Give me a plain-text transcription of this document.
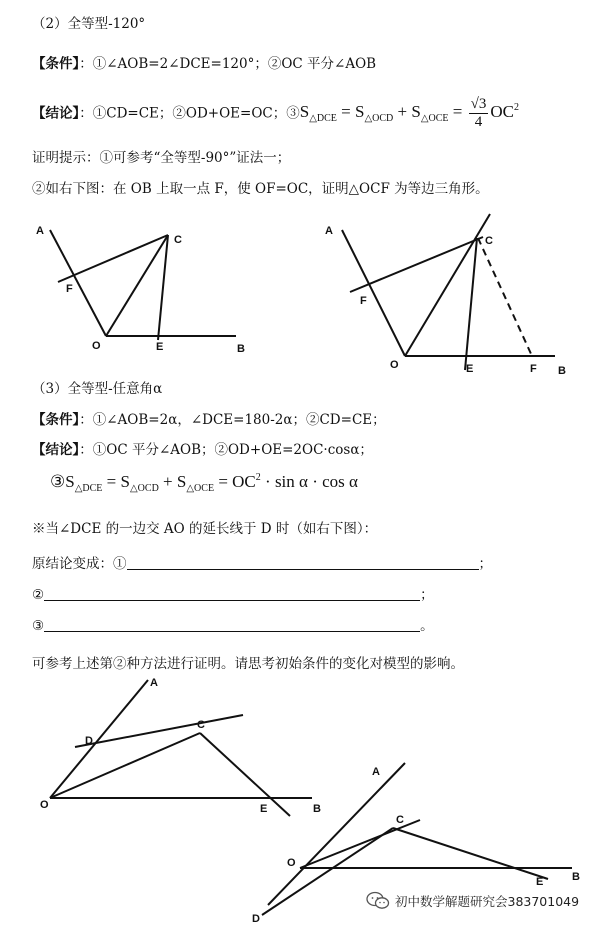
（2）全等型-120°
【条件】：①∠AOB=2∠DCE=120°；②OC 平分∠AOB
【结论】：①CD=CE；②OD+OE=OC；$③S_{\triangle DCE} = S_{\triangle OCD} + S_{\triangle OCE} = \frac{√3}{4} OC^2$
证明提示：①可参考“全等型-90°”证法一；
②如右下图：在 OB 上取一点 F，使 OF=OC，证明△OCF 为等边三角形。
（3）全等型-任意角α
【条件】：①∠AOB=2α，∠DCE=180-2α；②CD=CE；
【结论】：①OC 平分∠AOB；②OD+OE=2OC·cosα；
$③S_{\triangle DCE} = S_{\triangle OCD} + S_{\triangle OCE} = OC^2 \cdot \sin \alpha \cdot \cos \alpha$
※当∠DCE 的一边交 AO 的延长线于 D 时（如右下图）：
原结论变成：①	；
②	；
③	。
可参考上述第②种方法进行证明。请思考初始条件的变化对模型的影响。
A
F
C
O	E	B
A
F
C
O	E	F B
A
D
C
O	E	B
A
C
O
E	B
D
初中数学解题研究会383701049
